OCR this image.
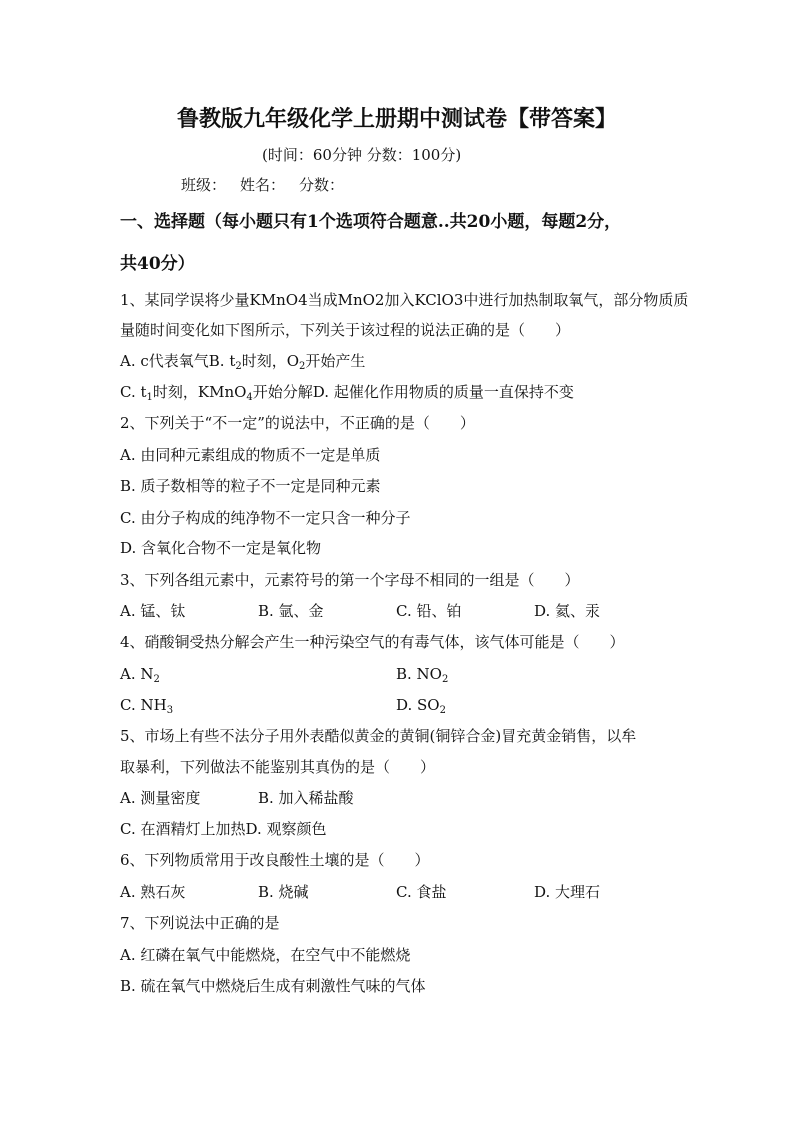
鲁教版九年级化学上册期中测试卷【带答案】
(时间：60分钟 分数：100分)
班级： 姓名： 分数：
一、选择题（每小题只有1个选项符合题意..共20小题，每题2分，
共40分）
1、某同学误将少量KMnO4当成MnO2加入KClO3中进行加热制取氧气，部分物质质
量随时间变化如下图所示，下列关于该过程的说法正确的是（　　）
A. c代表氧气B. $t_2$时刻，$O_2$开始产生
C. $t_1$时刻，KMnO$_4$开始分解D. 起催化作用物质的质量一直保持不变
2、下列关于“不一定”的说法中，不正确的是（　　）
A. 由同种元素组成的物质不一定是单质
B. 质子数相等的粒子不一定是同种元素
C. 由分子构成的纯净物不一定只含一种分子
D. 含氧化合物不一定是氧化物
3、下列各组元素中，元素符号的第一个字母不相同的一组是（　　）
A. 锰、钛	B. 氩、金	C. 铅、铂	D. 氦、汞
4、硝酸铜受热分解会产生一种污染空气的有毒气体，该气体可能是（　　）
A. $N_2$	B. $NO_2$
C. $NH_3$	D. $SO_2$
5、市场上有些不法分子用外表酷似黄金的黄铜(铜锌合金)冒充黄金销售，以牟
取暴利，下列做法不能鉴别其真伪的是（　　）
A. 测量密度	B. 加入稀盐酸
C. 在酒精灯上加热D. 观察颜色
6、下列物质常用于改良酸性土壤的是（　　）
A. 熟石灰	B. 烧碱	C. 食盐	D. 大理石
7、下列说法中正确的是
A. 红磷在氧气中能燃烧，在空气中不能燃烧
B. 硫在氧气中燃烧后生成有刺激性气味的气体
